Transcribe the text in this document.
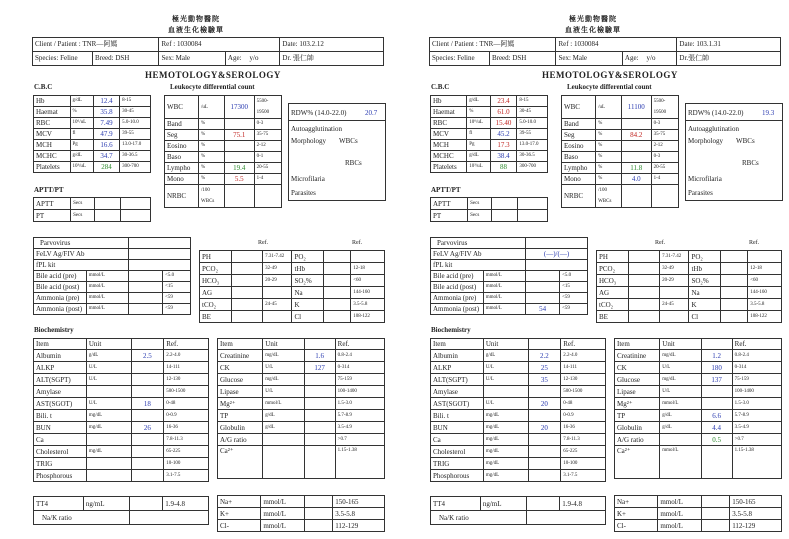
極光動物醫院
血液生化檢驗單
Client / Patient : TNR—阿媽		Ref : 1030084		Date: 103.2.12
Species: Feline	Breed: DSH	Sex: Male	Age: y/o	Dr. 張仁帥
HEMOTOLOGY&SEROLOGY
C.B.C	Leukocyte differential count
Hb	g/dL	12.4	8-15
Haemat	%	35.8	30-45
RBC	10⁶/uL	7.49	5.0-10.0
MCV	fl	47.9	39-55
MCH	Pg	16.6	13.0-17.0
MCHC	g/dL	34.7	30-36.5
Platelets	10³/uL	284	300-700
WBC	/uL	17300	5500-19500
Band	%		0-3
Seg	%	75.1	35-75
Eosino	%		2-12
Baso	%		0-1
Lympho	%	19.4	20-55
Mono	%	5.5	1-4
NRBC	/100 WBCs		
RDW% (14.0-22.0)	20.7
Autoagglutination
Morphology WBCs
RBCs
Microfilaria
Parasites
APTT/PT
APTT	Secs		
PT	Secs		
Parvovirus			
FeLV Ag/FIV Ab			
fPL kit			
Bile acid (pre)	mmol/L		<5.0
Bile acid (post)	mmol/L		<15
Ammonia (pre)	mmol/L		<59
Ammonia (post)	mmol/L		<59
Ref.	Ref.
PH		7.31-7.42	PO₂		
PCO₂		32-49	tHb		12-18
HCO₃		20-29	SO₂%		<60
AG			Na		144-160
tCO₂		24-45	K		3.5-5.8
BE			Cl		108-122
Biochemistry
Item	Unit		Ref.
Albumin	g/dL	2.5	2.2-4.0
ALKP	U/L		14-111
ALT(SGPT)	U/L		12-130
Amylase			500-1500
AST(SGOT)	U/L	18	0-48
Bili. t	mg/dL		0-0.9
BUN	mg/dL	26	16-36
Ca			7.8-11.3
Cholesterol	mg/dL		65-225
TRIG			10-100
Phosphorous			3.1-7.5
Item	Unit		Ref.
Creatinine	mg/dL	1.6	0.8-2.4
CK	U/L	127	0-314
Glucose	mg/dL		75-159
Lipase	U/L		100-1400
Mg²⁺	mmol/L		1.5-3.0
TP	g/dL		5.7-8.9
Globulin	g/dL		3.5-4.9
A/G ratio			>0.7
Ca²⁺			1.15-1.38
TT4	ng/mL		1.9-4.8
Na/K ratio			
Na+	mmol/L		150-165
K+	mmol/L		3.5-5.8
Cl-	mmol/L		112-129
極光動物醫院
血液生化檢驗單
Client / Patient : TNR—阿媽		Ref : 1030084		Date: 103.1.31
Species: Feline	Breed: DSH	Sex: Male	Age: y/o	Dr.張仁帥
HEMOTOLOGY&SEROLOGY
C.B.C	Leukocyte differential count
Hb	g/dL	23.4	8-15
Haemat	%	61.0	30-45
RBC	10⁶/uL	15.40	5.0-10.0
MCV	fl	45.2	39-55
MCH	Pg	17.3	13.0-17.0
MCHC	g/dL	38.4	30-36.5
Platelets	10³/uL	88	300-700
WBC	/uL	11100	5500-19500
Band	%		0-3
Seg	%	84.2	35-75
Eosino	%		2-12
Baso	%		0-3
Lympho	%	11.8	20-55
Mono	%	4.0	1-4
NRBC	/100 WBCs		
RDW% (14.0-22.0)	19.3
Autoagglutination
Morphology WBCs
RBCs
Microfilaria
Parasites
APTT/PT
APTT	Secs		
PT	Secs		
Parvovirus			
FeLV Ag/FIV Ab		(—)/(—)	
fPL kit			
Bile acid (pre)	mmol/L		<5.0
Bile acid (post)	mmol/L		<15
Ammonia (pre)	mmol/L		<59
Ammonia (post)	mmol/L	54	<59
Ref.	Ref.
PH		7.31-7.42	PO₂		
PCO₂		32-49	tHb		12-18
HCO₃		20-29	SO₂%		<60
AG			Na		144-160
tCO₂		24-45	K		3.5-5.8
BE			Cl		108-122
Biochemistry
Item	Unit		Ref.
Albumin	g/dL	2.2	2.2-4.0
ALKP	U/L	25	14-111
ALT(SGPT)	U/L	35	12-130
Amylase			500-1500
AST(SGOT)	U/L	20	0-48
Bili. t	mg/dL		0-0.9
BUN	mg/dL	20	16-36
Ca	mg/dL		7.8-11.3
Cholesterol	mg/dL		65-225
TRIG	mg/dL		10-100
Phosphorous	mg/dL		3.1-7.5
Item	Unit		Ref.
Creatinine	mg/dL	1.2	0.8-2.4
CK	U/L	180	0-314
Glucose	mg/dL	137	75-159
Lipase	U/L		100-1400
Mg²⁺	mmol/L		1.5-3.0
TP	g/dL	6.6	5.7-8.9
Globulin	g/dL	4.4	3.5-4.9
A/G ratio		0.5	>0.7
Ca²⁺	mmol/L		1.15-1.38
TT4	ng/mL		1.9-4.8
Na/K ratio			
Na+	mmol/L		150-165
K+	mmol/L		3.5-5.8
Cl-	mmol/L		112-129
